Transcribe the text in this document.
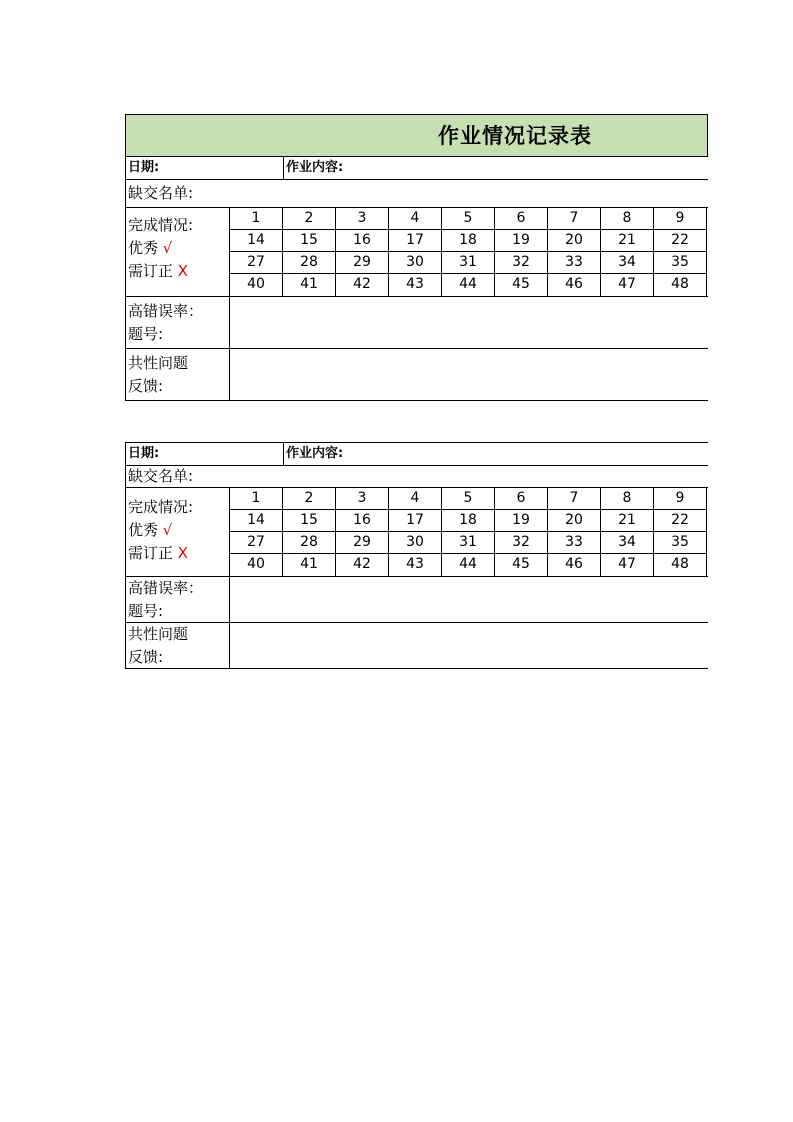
作业情况记录表
日期:	作业内容:
缺交名单:
完成情况:
优秀 √
需订正 X
1	2	3	4	5	6	7	8	9
14	15	16	17	18	19	20	21	22
27	28	29	30	31	32	33	34	35
40	41	42	43	44	45	46	47	48
高错误率：
题号:
共性问题
反馈:
日期:	作业内容:
缺交名单:
完成情况:
优秀 √
需订正 X
1	2	3	4	5	6	7	8	9
14	15	16	17	18	19	20	21	22
27	28	29	30	31	32	33	34	35
40	41	42	43	44	45	46	47	48
高错误率：
题号:
共性问题
反馈:
